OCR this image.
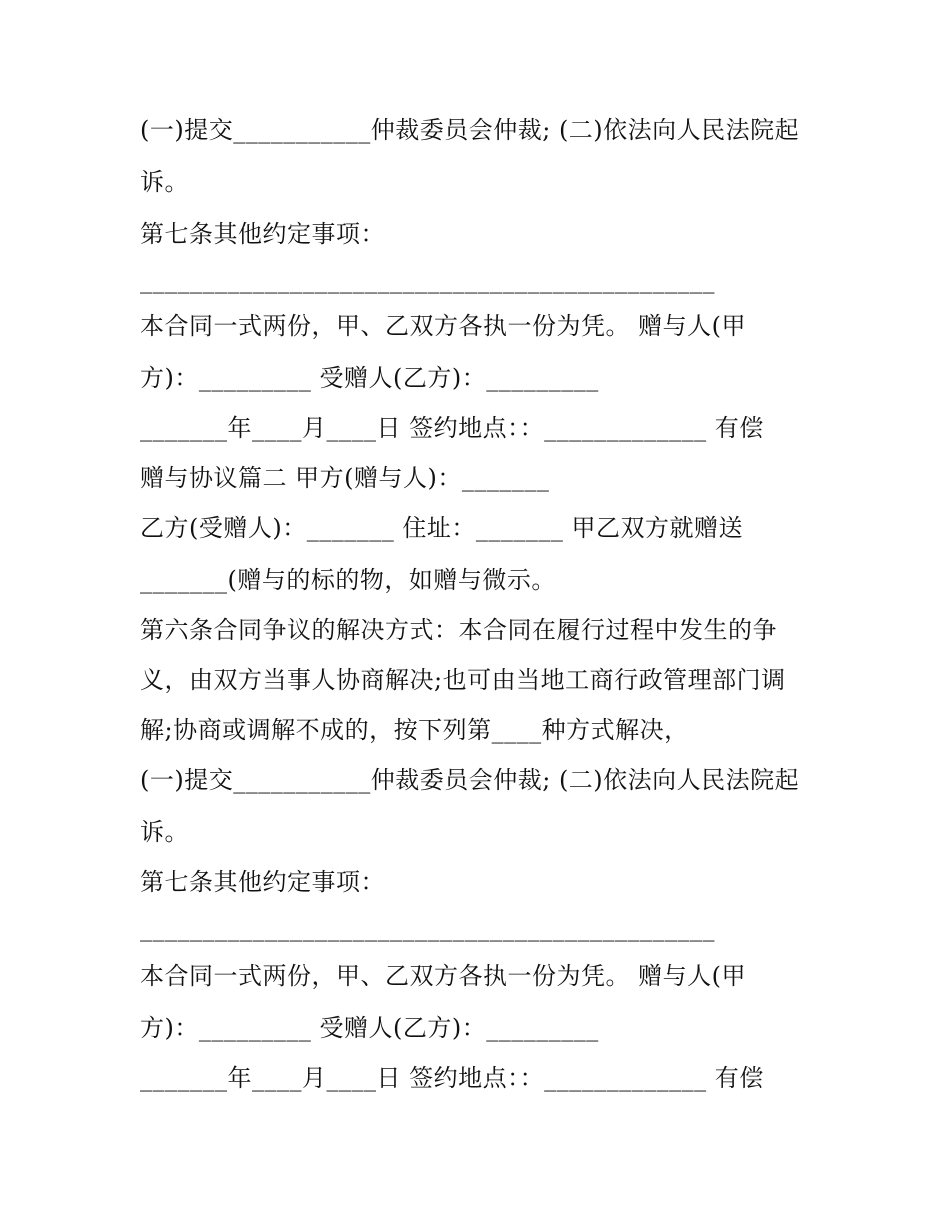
(一)提交___________仲裁委员会仲裁; (二)依法向人民法院起
诉。
第七条其他约定事项：
______________________________________________
本合同一式两份，甲、乙双方各执一份为凭。 赠与人(甲
方)：_________ 受赠人(乙方)：_________
_______年____月____日 签约地点：：_____________ 有偿
赠与协议篇二 甲方(赠与人)：_______
乙方(受赠人)：_______ 住址：_______ 甲乙双方就赠送
_______(赠与的标的物，如赠与微示。
第六条合同争议的解决方式：本合同在履行过程中发生的争
义，由双方当事人协商解决;也可由当地工商行政管理部门调
解;协商或调解不成的，按下列第____种方式解决，
(一)提交___________仲裁委员会仲裁; (二)依法向人民法院起
诉。
第七条其他约定事项：
______________________________________________
本合同一式两份，甲、乙双方各执一份为凭。 赠与人(甲
方)：_________ 受赠人(乙方)：_________
_______年____月____日 签约地点：：_____________ 有偿
